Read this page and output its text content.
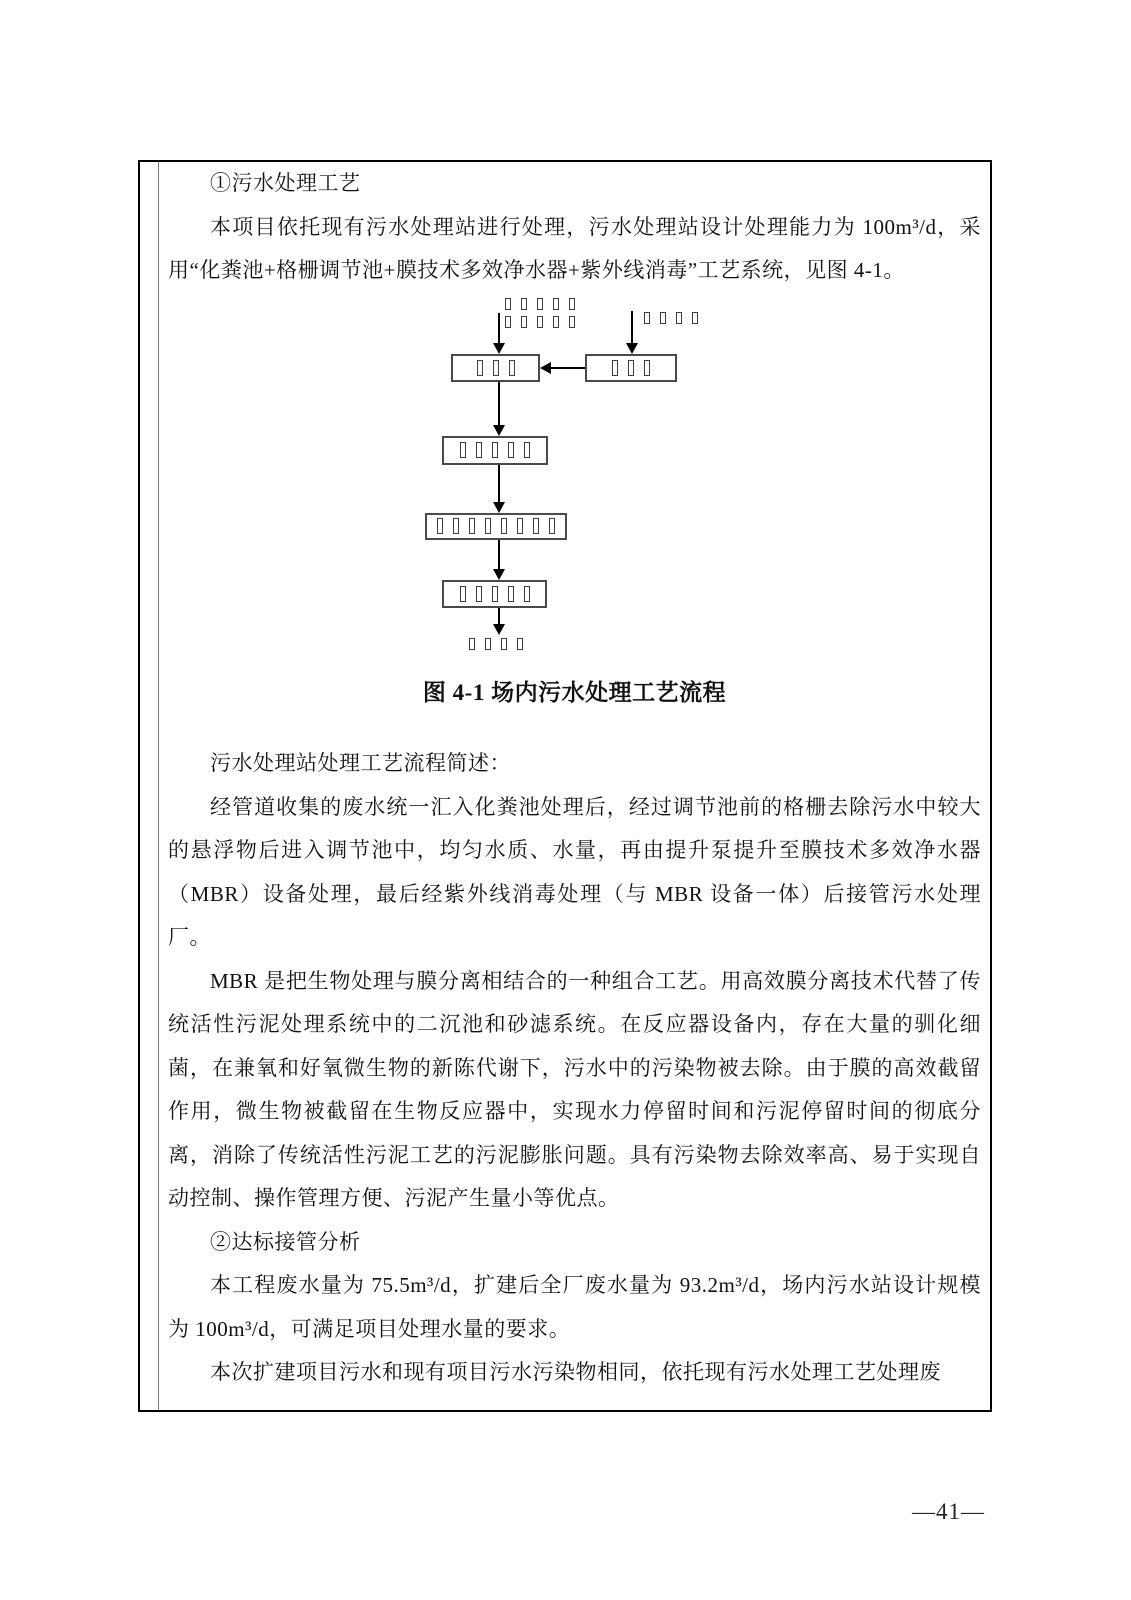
①污水处理工艺

本项目依托现有污水处理站进行处理，污水处理站设计处理能力为 100m³/d，采用“化粪池+格栅调节池+膜技术多效净水器+紫外线消毒”工艺系统，见图 4-1。

图 4-1 场内污水处理工艺流程

污水处理站处理工艺流程简述：

经管道收集的废水统一汇入化粪池处理后，经过调节池前的格栅去除污水中较大的悬浮物后进入调节池中，均匀水质、水量，再由提升泵提升至膜技术多效净水器（MBR）设备处理，最后经紫外线消毒处理（与 MBR 设备一体）后接管污水处理厂。

MBR 是把生物处理与膜分离相结合的一种组合工艺。用高效膜分离技术代替了传统活性污泥处理系统中的二沉池和砂滤系统。在反应器设备内，存在大量的驯化细菌，在兼氧和好氧微生物的新陈代谢下，污水中的污染物被去除。由于膜的高效截留作用，微生物被截留在生物反应器中，实现水力停留时间和污泥停留时间的彻底分离，消除了传统活性污泥工艺的污泥膨胀问题。具有污染物去除效率高、易于实现自动控制、操作管理方便、污泥产生量小等优点。

②达标接管分析

本工程废水量为 75.5m³/d，扩建后全厂废水量为 93.2m³/d，场内污水站设计规模为 100m³/d，可满足项目处理水量的要求。

本次扩建项目污水和现有项目污水污染物相同，依托现有污水处理工艺处理废

—41—
